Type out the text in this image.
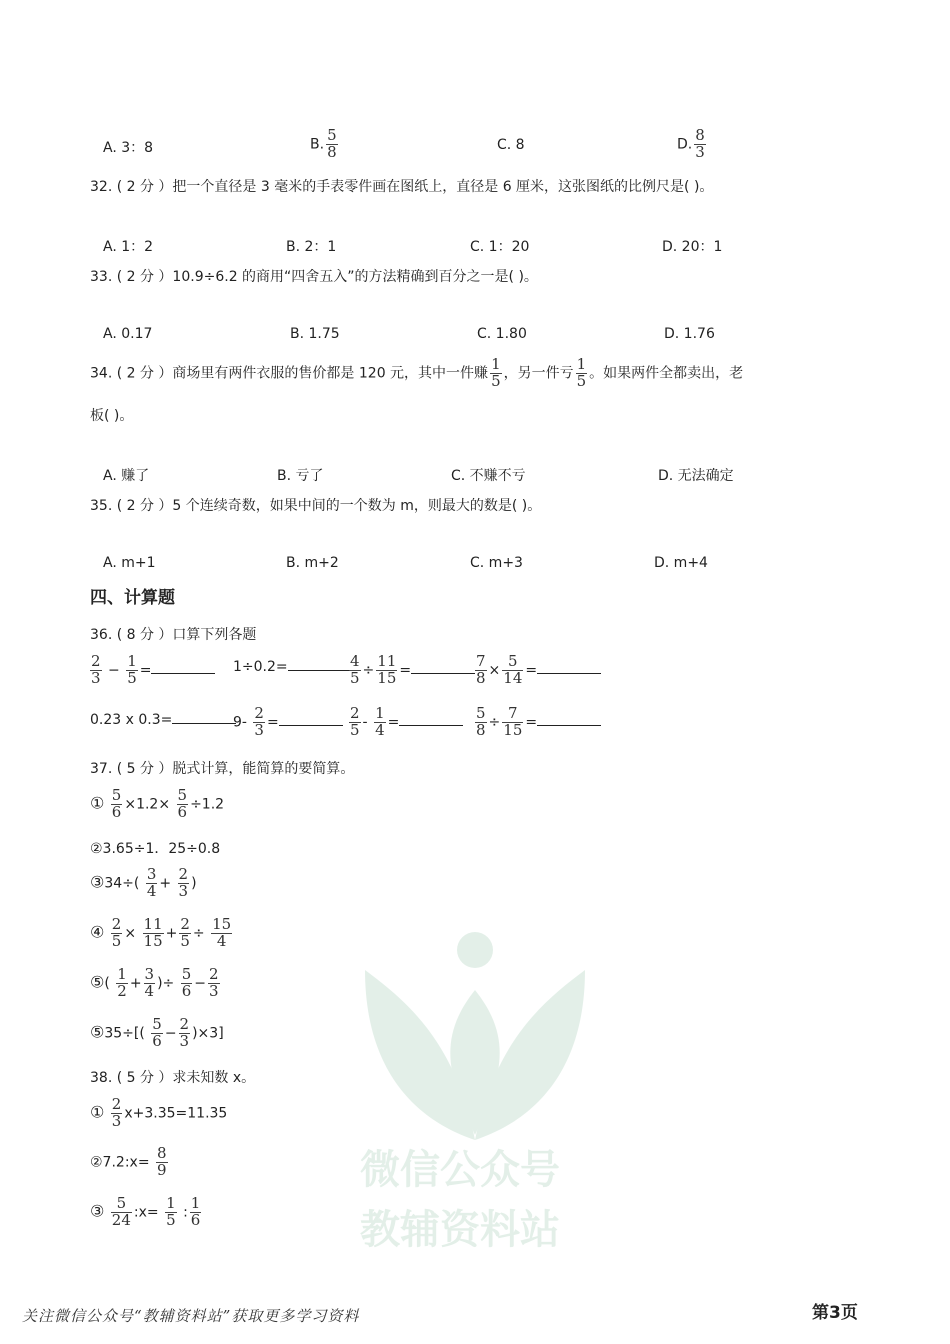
A. 3：8	B. $\frac{5}{8}$	C. 8	D. $\frac{8}{3}$
32. ( 2 分 ）把一个直径是 3 毫米的手表零件画在图纸上，直径是 6 厘米，这张图纸的比例尺是( )。
A. 1：2	B. 2：1	C. 1：20	D. 20：1
33. ( 2 分 ）10.9÷6.2 的商用“四舍五入”的方法精确到百分之一是( )。
A. 0.17	B. 1.75	C. 1.80	D. 1.76
34. ( 2 分 ）商场里有两件衣服的售价都是 120 元，其中一件赚 $\frac{1}{5}$ ，另一件亏 $\frac{1}{5}$ 。如果两件全都卖出，老
板( )。
A. 赚了	B. 亏了	C. 不赚不亏	D. 无法确定
35. ( 2 分 ）5 个连续奇数，如果中间的一个数为 m，则最大的数是( )。
A. m+1	B. m+2	C. m+3	D. m+4
四、计算题
36. ( 8 分 ）口算下列各题
$\frac{2}{3} - \frac{1}{5}$ =	1÷0.2=	$\frac{4}{5} \div \frac{11}{15}$ =	$\frac{7}{8} \times \frac{5}{14}$ =
0.23 x 0.3=	$9- \frac{2}{3}$ =	$\frac{2}{5} - \frac{1}{4}$ =	$\frac{5}{8} \div \frac{7}{15}$ =
37. ( 5 分 ）脱式计算，能简算的要简算。
① $\frac{5}{6} \times 1.2\times \frac{5}{6} \div 1.2$
②3.65÷1．25÷0.8
③34÷( $\frac{3}{4} + \frac{2}{3}$ )
④ $\frac{2}{5} \times \frac{11}{15} + \frac{2}{5} \div \frac{15}{4}$
⑤( $\frac{1}{2} + \frac{3}{4}$ )÷ $\frac{5}{6} - \frac{2}{3}$
⑤35÷[( $\frac{5}{6} - \frac{2}{3} )\times 3$]
38. ( 5 分 ）求未知数 x。
① $\frac{2}{3} x+3.35=11.35$
②7.2:x= $\frac{8}{9}$
③ $\frac{5}{24}$ :x= $\frac{1}{5}$ : $\frac{1}{6}$
微信公众号
教辅资料站
关注微信公众号“教辅资料站”获取更多学习资料	第3页
